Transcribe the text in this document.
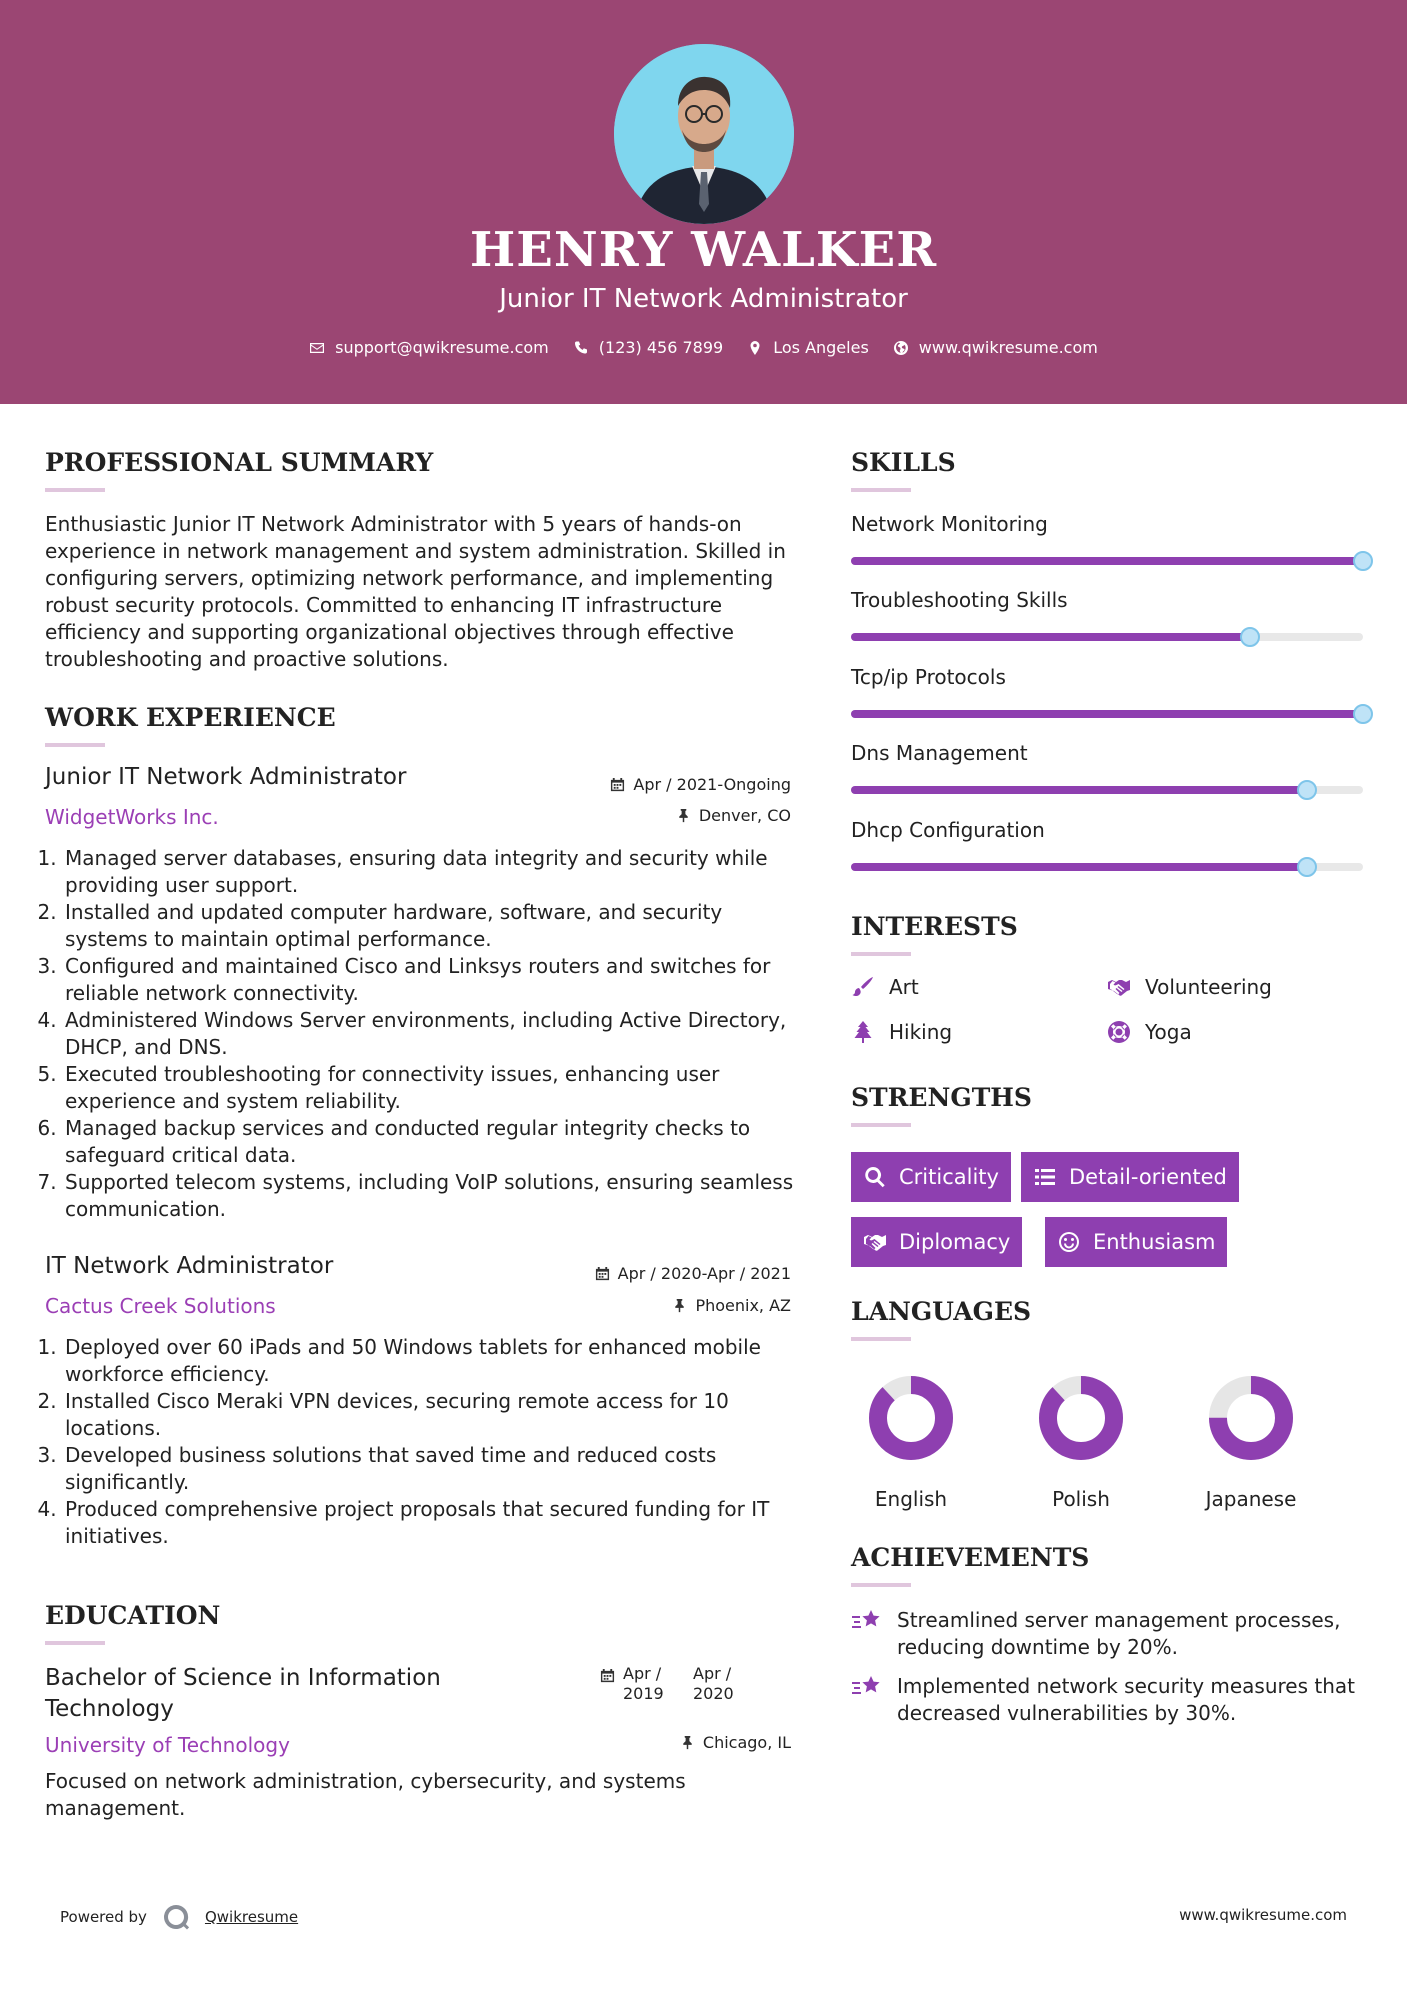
HENRY WALKER
Junior IT Network Administrator
support@qwikresume.com	(123) 456 7899	Los Angeles	www.qwikresume.com
PROFESSIONAL SUMMARY
Enthusiastic Junior IT Network Administrator with 5 years of hands-on experience in network management and system administration. Skilled in configuring servers, optimizing network performance, and implementing robust security protocols. Committed to enhancing IT infrastructure efficiency and supporting organizational objectives through effective troubleshooting and proactive solutions.
WORK EXPERIENCE
Junior IT Network Administrator	Apr / 2021-Ongoing
WidgetWorks Inc.	Denver, CO
1. Managed server databases, ensuring data integrity and security while providing user support.
2. Installed and updated computer hardware, software, and security systems to maintain optimal performance.
3. Configured and maintained Cisco and Linksys routers and switches for reliable network connectivity.
4. Administered Windows Server environments, including Active Directory, DHCP, and DNS.
5. Executed troubleshooting for connectivity issues, enhancing user experience and system reliability.
6. Managed backup services and conducted regular integrity checks to safeguard critical data.
7. Supported telecom systems, including VoIP solutions, ensuring seamless communication.
IT Network Administrator	Apr / 2020-Apr / 2021
Cactus Creek Solutions	Phoenix, AZ
1. Deployed over 60 iPads and 50 Windows tablets for enhanced mobile workforce efficiency.
2. Installed Cisco Meraki VPN devices, securing remote access for 10 locations.
3. Developed business solutions that saved time and reduced costs significantly.
4. Produced comprehensive project proposals that secured funding for IT initiatives.
EDUCATION
Bachelor of Science in Information Technology
Apr / 2019
Apr / 2020
University of Technology	Chicago, IL
Focused on network administration, cybersecurity, and systems management.
SKILLS
Network Monitoring
Troubleshooting Skills
Tcp/ip Protocols
Dns Management
Dhcp Configuration
INTERESTS
Art	Volunteering
Hiking	Yoga
STRENGTHS
Criticality	Detail-oriented
Diplomacy	Enthusiasm
LANGUAGES
English	Polish	Japanese
ACHIEVEMENTS
Streamlined server management processes, reducing downtime by 20%.
Implemented network security measures that decreased vulnerabilities by 30%.
Powered by	Qwikresume	www.qwikresume.com
